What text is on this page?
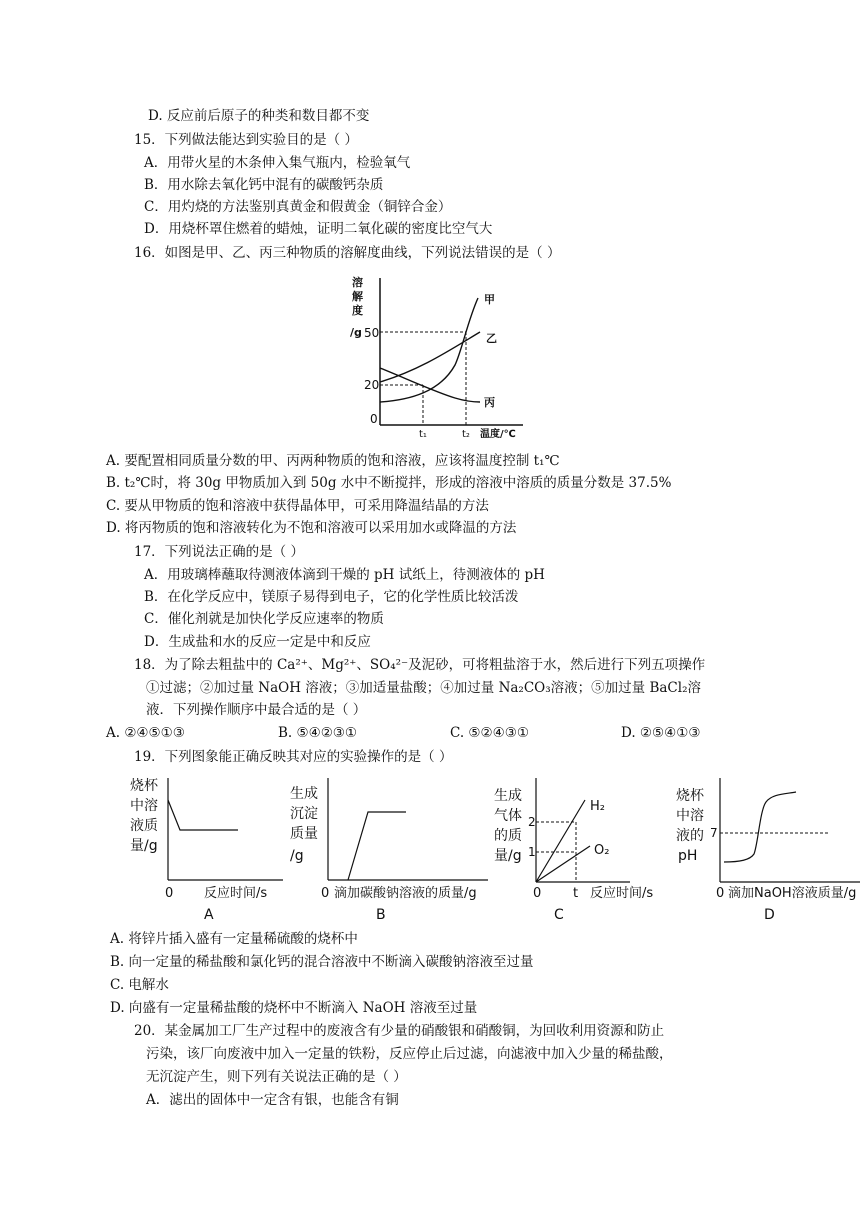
D. 反应前后原子的种类和数目都不变
15．下列做法能达到实验目的是（ ）
A．用带火星的木条伸入集气瓶内，检验氧气
B．用水除去氧化钙中混有的碳酸钙杂质
C．用灼烧的方法鉴别真黄金和假黄金（铜锌合金）
D．用烧杯罩住燃着的蜡烛，证明二氧化碳的密度比空气大
16．如图是甲、乙、丙三种物质的溶解度曲线，下列说法错误的是（ ）
溶
解
度
/g 50
20
0
甲
乙
丙
t₁	t₂ 温度/℃
A. 要配置相同质量分数的甲、丙两种物质的饱和溶液，应该将温度控制 t₁℃
B. t₂℃时，将 30g 甲物质加入到 50g 水中不断搅拌，形成的溶液中溶质的质量分数是 37.5%
C. 要从甲物质的饱和溶液中获得晶体甲，可采用降温结晶的方法
D. 将丙物质的饱和溶液转化为不饱和溶液可以采用加水或降温的方法
17．下列说法正确的是（ ）
A．用玻璃棒蘸取待测液体滴到干燥的 pH 试纸上，待测液体的 pH
B．在化学反应中，镁原子易得到电子，它的化学性质比较活泼
C．催化剂就是加快化学反应速率的物质
D．生成盐和水的反应一定是中和反应
18．为了除去粗盐中的 Ca²⁺、Mg²⁺、SO₄²⁻及泥砂，可将粗盐溶于水，然后进行下列五项操作
①过滤；②加过量 NaOH 溶液；③加适量盐酸；④加过量 Na₂CO₃溶液；⑤加过量 BaCl₂溶
液．下列操作顺序中最合适的是（ ）
A. ②④⑤①③	B. ⑤④②③①	C. ⑤②④③①	D. ②⑤④①③
19．下列图象能正确反映其对应的实验操作的是（ ）
烧杯
中溶
液质
量/g
0 反应时间/s
A
生成
沉淀
质量
/g
0 滴加碳酸钠溶液的质量/g
B
生成
气体
的质
量/g
2
1
H₂
O₂
0 t 反应时间/s
C
烧杯
中溶
液的
pH
7
0 滴加NaOH溶液质量/g
D
A. 将锌片插入盛有一定量稀硫酸的烧杯中
B. 向一定量的稀盐酸和氯化钙的混合溶液中不断滴入碳酸钠溶液至过量
C. 电解水
D. 向盛有一定量稀盐酸的烧杯中不断滴入 NaOH 溶液至过量
20．某金属加工厂生产过程中的废液含有少量的硝酸银和硝酸铜，为回收利用资源和防止
污染，该厂向废液中加入一定量的铁粉，反应停止后过滤，向滤液中加入少量的稀盐酸，
无沉淀产生，则下列有关说法正确的是（ ）
A．滤出的固体中一定含有银，也能含有铜
